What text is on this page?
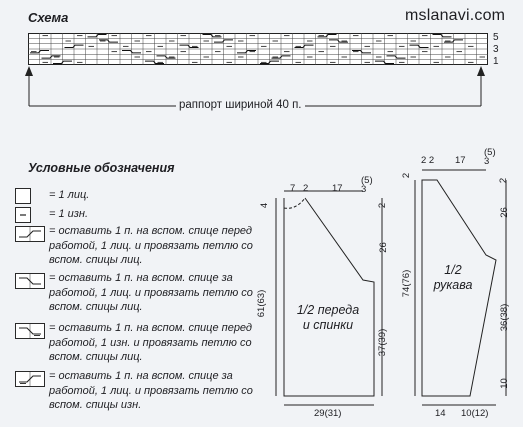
Схема	mslanavi.com
5
3
1
раппорт шириной 40 п.
Условные обозначения
= 1 лиц.
= 1 изн.
= оставить 1 п. на вспом. спице перед работой, 1 лиц. и провязать петлю со вспом. спицы лиц.
= оставить 1 п. на вспом. спице за работой, 1 лиц. и провязать петлю со вспом. спицы лиц.
= оставить 1 п. на вспом. спице перед работой, 1 изн. и провязать петлю со вспом. спицы лиц.
= оставить 1 п. на вспом. спице за работой, 1 лиц. и провязать петлю со вспом. спицы изн.
7 2 17
(5)
3
4
61(63)
2
26
37(39)
29(31)
1/2 переда
и спинки
2 2 17
(5)
3
2
74(76)
2
26
36(38)
10
14 10(12)
1/2
рукава
